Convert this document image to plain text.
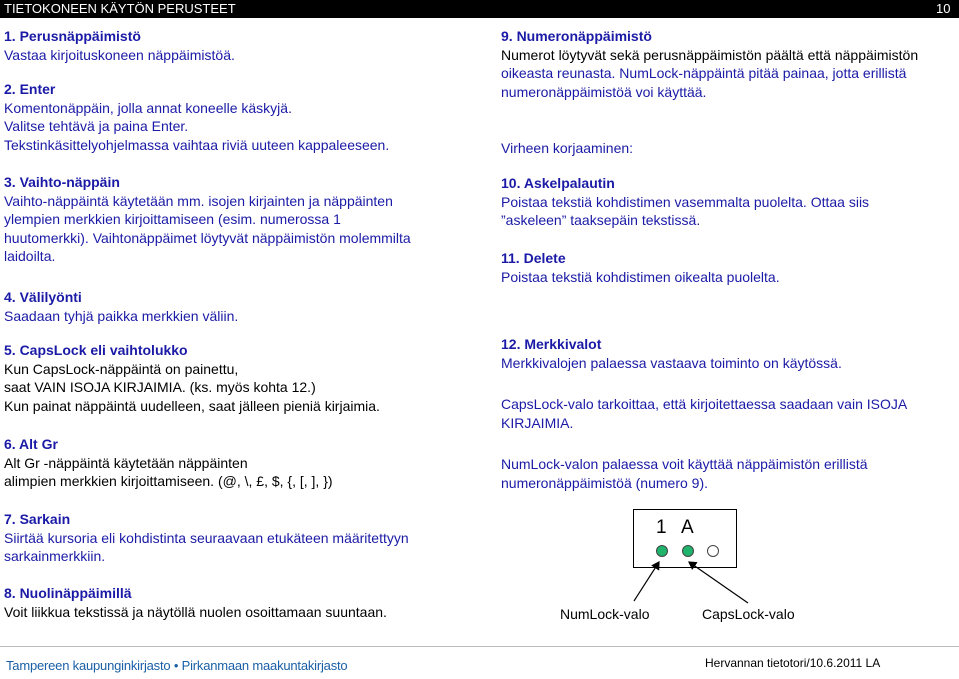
TIETOKONEEN KÄYTÖN PERUSTEET	10

1. Perusnäppäimistö

Vastaa kirjoituskoneen näppäimistöä.

2. Enter

Komentonäppäin, jolla annat koneelle käskyjä.

Valitse tehtävä ja paina Enter.

Tekstinkäsittelyohjelmassa vaihtaa riviä uuteen kappaleeseen.

3. Vaihto-näppäin

Vaihto-näppäintä käytetään mm. isojen kirjainten ja näppäinten

ylempien merkkien kirjoittamiseen (esim. numerossa 1

huutomerkki). Vaihtonäppäimet löytyvät näppäimistön molemmilta

laidoilta.

4. Välilyönti

Saadaan tyhjä paikka merkkien väliin.

5. CapsLock eli vaihtolukko

Kun CapsLock-näppäintä on painettu,

saat VAIN ISOJA KIRJAIMIA. (ks. myös kohta 12.)

Kun painat näppäintä uudelleen, saat jälleen pieniä kirjaimia.

6. Alt Gr

Alt Gr -näppäintä käytetään näppäinten

alimpien merkkien kirjoittamiseen. (@, \, £, $, {, [, ], })

7. Sarkain

Siirtää kursoria eli kohdistinta seuraavaan etukäteen määritettyyn

sarkainmerkkiin.

8. Nuolinäppäimillä

Voit liikkua tekstissä ja näytöllä nuolen osoittamaan suuntaan.

9. Numeronäppäimistö

Numerot löytyvät sekä perusnäppäimistön päältä että näppäimistön

oikeasta reunasta. NumLock-näppäintä pitää painaa, jotta erillistä

numeronäppäimistöä voi käyttää.

Virheen korjaaminen:

10. Askelpalautin

Poistaa tekstiä kohdistimen vasemmalta puolelta. Ottaa siis

”askeleen” taaksepäin tekstissä.

11. Delete

Poistaa tekstiä kohdistimen oikealta puolelta.

12. Merkkivalot

Merkkivalojen palaessa vastaava toiminto on käytössä.

CapsLock-valo tarkoittaa, että kirjoitettaessa saadaan vain ISOJA

KIRJAIMIA.

NumLock-valon palaessa voit käyttää näppäimistön erillistä

numeronäppäimistöä (numero 9).

1 A
NumLock-valo	CapsLock-valo
Tampereen kaupunginkirjasto • Pirkanmaan maakuntakirjasto	Hervannan tietotori/10.6.2011 LA
